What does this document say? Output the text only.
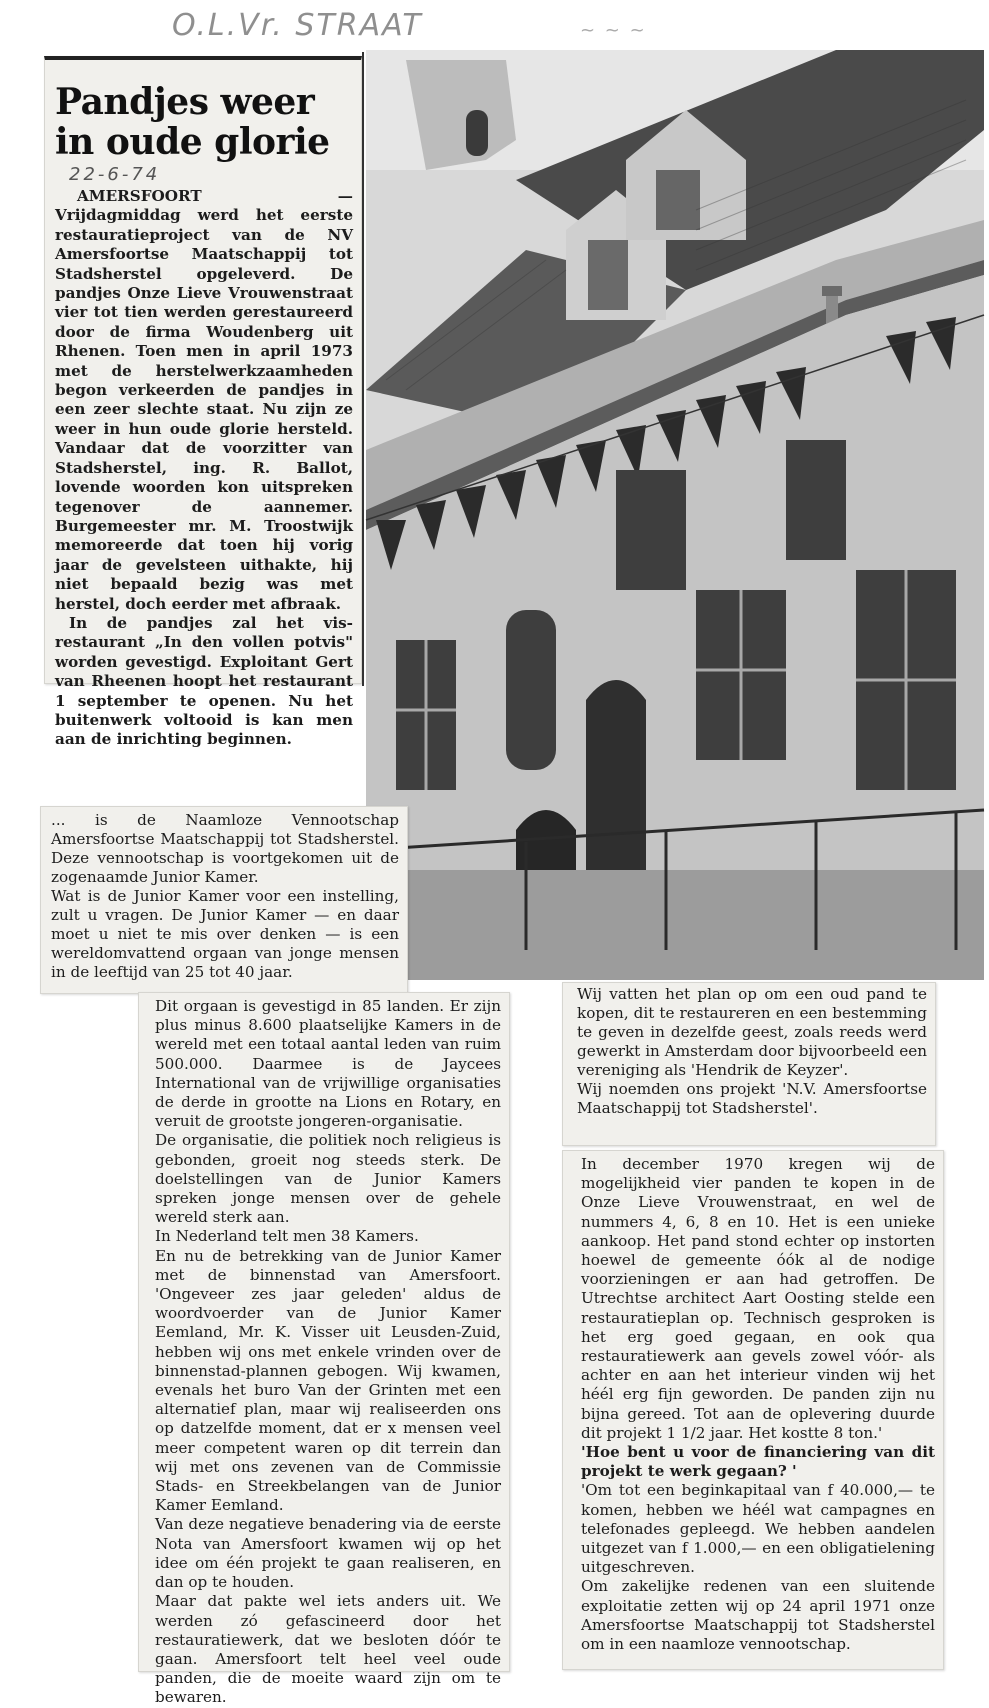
O.L.Vr. STRAAT	~ ~ ~
Pandjes weer in oude glorie
22-6-74

AMERSFOORT — Vrijdagmiddag werd het eerste restauratieproject van de NV Amersfoortse Maatschappij tot Stadsherstel opgeleverd. De pandjes Onze Lieve Vrouwenstraat vier tot tien werden gerestaureerd door de firma Woudenberg uit Rhenen. Toen men in april 1973 met de herstelwerkzaamheden begon verkeerden de pandjes in een zeer slechte staat. Nu zijn ze weer in hun oude glorie hersteld. Vandaar dat de voorzitter van Stadsherstel, ing. R. Ballot, lovende woorden kon uitspreken tegenover de aannemer. Burgemeester mr. M. Troostwijk memoreerde dat toen hij vorig jaar de gevelsteen uithakte, hij niet bepaald bezig was met herstel, doch eerder met afbraak.

In de pandjes zal het vis-restaurant „In den vollen potvis" worden gevestigd. Exploitant Gert van Rheenen hoopt het restaurant 1 september te openen. Nu het buitenwerk voltooid is kan men aan de inrichting beginnen.

... is de Naamloze Vennootschap Amersfoortse Maatschappij tot Stadsherstel. Deze vennootschap is voortgekomen uit de zogenaamde Junior Kamer.

Wat is de Junior Kamer voor een instelling, zult u vragen. De Junior Kamer — en daar moet u niet te mis over denken — is een wereldomvattend orgaan van jonge mensen in de leeftijd van 25 tot 40 jaar.

Dit orgaan is gevestigd in 85 landen. Er zijn plus minus 8.600 plaatselijke Kamers in de wereld met een totaal aantal leden van ruim 500.000. Daarmee is de Jaycees International van de vrijwillige organisaties de derde in grootte na Lions en Rotary, en veruit de grootste jongeren-organisatie.

De organisatie, die politiek noch religieus is gebonden, groeit nog steeds sterk. De doelstellingen van de Junior Kamers spreken jonge mensen over de gehele wereld sterk aan.

In Nederland telt men 38 Kamers.

En nu de betrekking van de Junior Kamer met de binnenstad van Amersfoort. 'Ongeveer zes jaar geleden' aldus de woordvoerder van de Junior Kamer Eemland, Mr. K. Visser uit Leusden-Zuid, hebben wij ons met enkele vrinden over de binnenstad-plannen gebogen. Wij kwamen, evenals het buro Van der Grinten met een alternatief plan, maar wij realiseerden ons op datzelfde moment, dat er x mensen veel meer competent waren op dit terrein dan wij met ons zevenen van de Commissie Stads- en Streekbelangen van de Junior Kamer Eemland.

Van deze negatieve benadering via de eerste Nota van Amersfoort kwamen wij op het idee om één projekt te gaan realiseren, en dan op te houden.

Maar dat pakte wel iets anders uit. We werden zó gefascineerd door het restauratiewerk, dat we besloten dóór te gaan. Amersfoort telt heel veel oude panden, die de moeite waard zijn om te bewaren.

Wij vatten het plan op om een oud pand te kopen, dit te restaureren en een bestemming te geven in dezelfde geest, zoals reeds werd gewerkt in Amsterdam door bijvoorbeeld een vereniging als 'Hendrik de Keyzer'.

Wij noemden ons projekt 'N.V. Amersfoortse Maatschappij tot Stadsherstel'.

In december 1970 kregen wij de mogelijkheid vier panden te kopen in de Onze Lieve Vrouwenstraat, en wel de nummers 4, 6, 8 en 10. Het is een unieke aankoop. Het pand stond echter op instorten hoewel de gemeente óók al de nodige voorzieningen er aan had getroffen. De Utrechtse architect Aart Oosting stelde een restauratieplan op. Technisch gesproken is het erg goed gegaan, en ook qua restauratiewerk aan gevels zowel vóór- als achter en aan het interieur vinden wij het héél erg fijn geworden. De panden zijn nu bijna gereed. Tot aan de oplevering duurde dit projekt 1 1/2 jaar. Het kostte 8 ton.'

'Hoe bent u voor de financiering van dit projekt te werk gegaan? '

'Om tot een beginkapitaal van f 40.000,— te komen, hebben we héél wat campagnes en telefonades gepleegd. We hebben aandelen uitgezet van f 1.000,— en een obligatielening uitgeschreven.

Om zakelijke redenen van een sluitende exploitatie zetten wij op 24 april 1971 onze Amersfoortse Maatschappij tot Stadsherstel om in een naamloze vennootschap.
